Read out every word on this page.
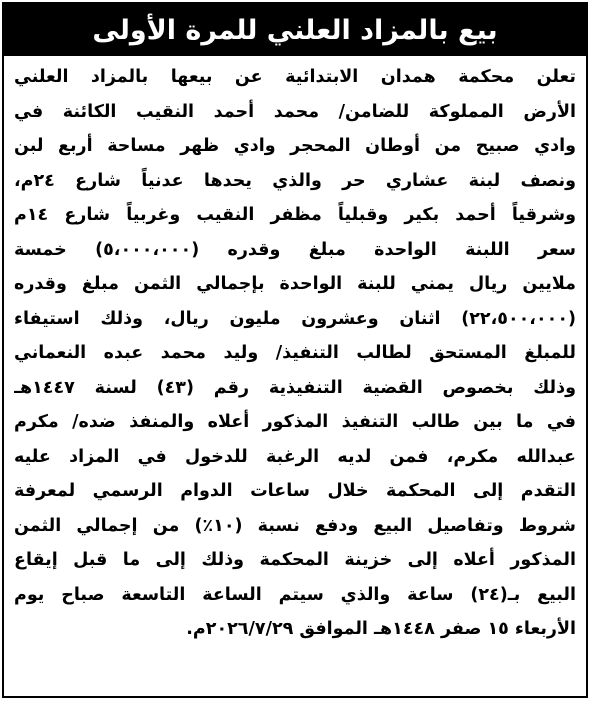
بيع بالمزاد العلني للمرة الأولى
تعلن محكمة همدان الابتدائية عن بيعها بالمزاد العلني
الأرض المملوكة للضامن/ محمد أحمد النقيب الكائنة في
وادي صبيح من أوطان المحجر وادي ظهر مساحة أربع لبن
ونصف لبنة عشاري حر والذي يحدها عدنياً شارع ٢٤م،
وشرقياً أحمد بكير وقبلياً مظفر النقيب وغربياً شارع ١٤م
سعر اللبنة الواحدة مبلغ وقدره (٥،٠٠٠،٠٠٠) خمسة
ملايين ريال يمني للبنة الواحدة بإجمالي الثمن مبلغ وقدره
(٢٢،٥٠٠،٠٠٠) اثنان وعشرون مليون ريال، وذلك استيفاء
للمبلغ المستحق لطالب التنفيذ/ وليد محمد عبده النعماني
وذلك بخصوص القضية التنفيذية رقم (٤٣) لسنة ١٤٤٧هـ
في ما بين طالب التنفيذ المذكور أعلاه والمنفذ ضده/ مكرم
عبدالله مكرم، فمن لديه الرغبة للدخول في المزاد عليه
التقدم إلى المحكمة خلال ساعات الدوام الرسمي لمعرفة
شروط وتفاصيل البيع ودفع نسبة (١٠٪) من إجمالي الثمن
المذكور أعلاه إلى خزينة المحكمة وذلك إلى ما قبل إيقاع
البيع بـ(٢٤) ساعة والذي سيتم الساعة التاسعة صباح يوم
الأربعاء ١٥ صفر ١٤٤٨هـ الموافق ٢٠٢٦/٧/٢٩م.
